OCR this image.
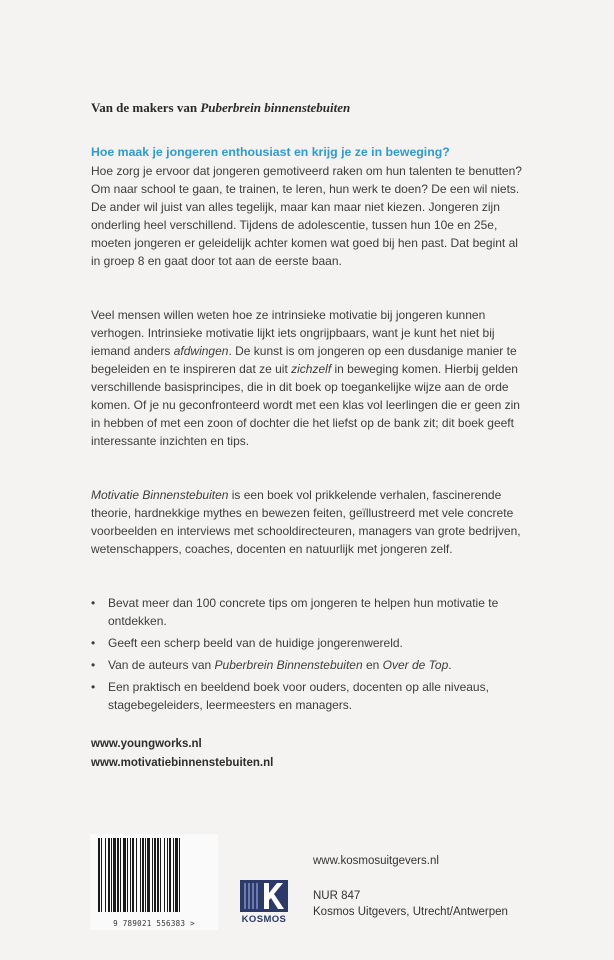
Van de makers van Puberbrein binnenstebuiten
Hoe maak je jongeren enthousiast en krijg je ze in beweging?
Hoe zorg je ervoor dat jongeren gemotiveerd raken om hun talenten te benutten?
Om naar school te gaan, te trainen, te leren, hun werk te doen? De een wil niets.
De ander wil juist van alles tegelijk, maar kan maar niet kiezen. Jongeren zijn
onderling heel verschillend. Tijdens de adolescentie, tussen hun 10e en 25e,
moeten jongeren er geleidelijk achter komen wat goed bij hen past. Dat begint al
in groep 8 en gaat door tot aan de eerste baan.
Veel mensen willen weten hoe ze intrinsieke motivatie bij jongeren kunnen
verhogen. Intrinsieke motivatie lijkt iets ongrijpbaars, want je kunt het niet bij
iemand anders afdwingen. De kunst is om jongeren op een dusdanige manier te
begeleiden en te inspireren dat ze uit zichzelf in beweging komen. Hierbij gelden
verschillende basisprincipes, die in dit boek op toegankelijke wijze aan de orde
komen. Of je nu geconfronteerd wordt met een klas vol leerlingen die er geen zin
in hebben of met een zoon of dochter die het liefst op de bank zit; dit boek geeft
interessante inzichten en tips.
Motivatie Binnenstebuiten is een boek vol prikkelende verhalen, fascinerende
theorie, hardnekkige mythes en bewezen feiten, geïllustreerd met vele concrete
voorbeelden en interviews met schooldirecteuren, managers van grote bedrijven,
wetenschappers, coaches, docenten en natuurlijk met jongeren zelf.
• Bevat meer dan 100 concrete tips om jongeren te helpen hun motivatie te
ontdekken.
• Geeft een scherp beeld van de huidige jongerenwereld.
• Van de auteurs van Puberbrein Binnenstebuiten en Over de Top.
• Een praktisch en beeldend boek voor ouders, docenten op alle niveaus,
stagebegeleiders, leermeesters en managers.
www.youngworks.nl
www.motivatiebinnenstebuiten.nl
9 789021 556383 >	KOSMOS
www.kosmosuitgevers.nl
NUR 847
Kosmos Uitgevers, Utrecht/Antwerpen
